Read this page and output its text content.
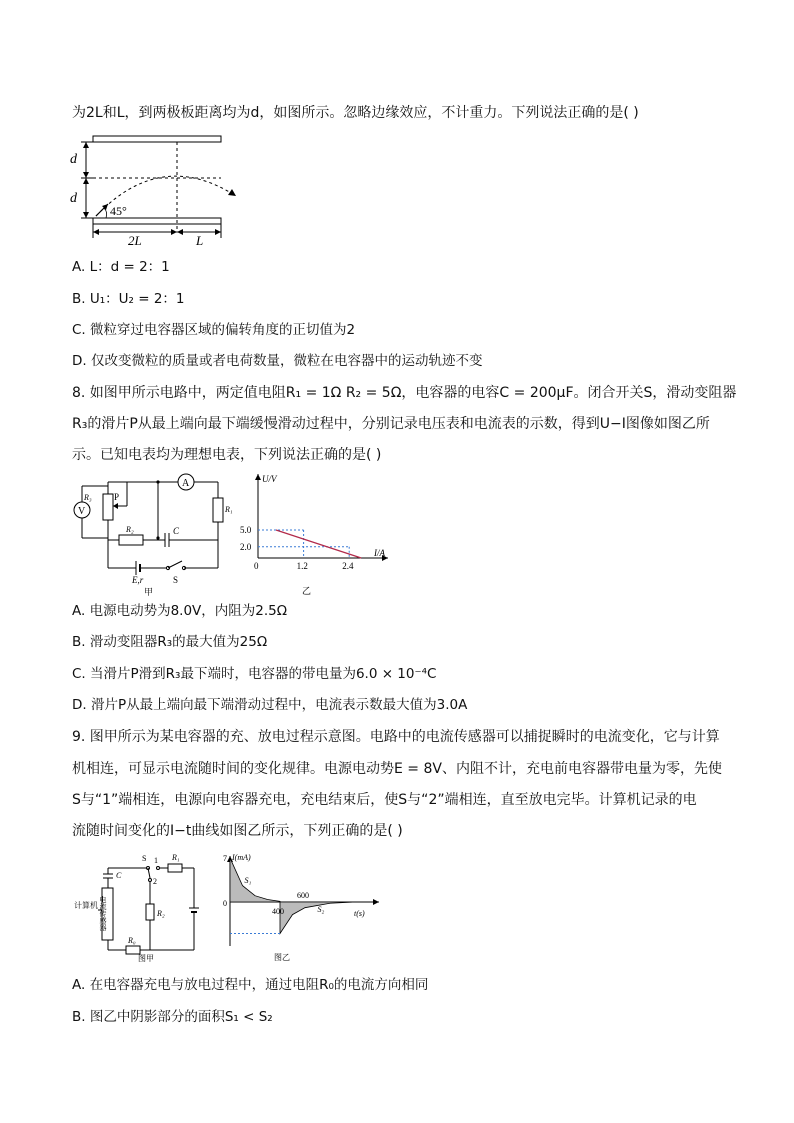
为2L和L，到两极板距离均为d，如图所示。忽略边缘效应，不计重力。下列说法正确的是( )
d
d
45°
2L	L
A. L：d = 2：1
B. U₁：U₂ = 2：1
C. 微粒穿过电容器区域的偏转角度的正切值为2
D. 仅改变微粒的质量或者电荷数量，微粒在电容器中的运动轨迹不变
8. 如图甲所示电路中，两定值电阻R₁ = 1Ω R₂ = 5Ω，电容器的电容C = 200μF。闭合开关S，滑动变阻器
R₃的滑片P从最上端向最下端缓慢滑动过程中，分别记录电压表和电流表的示数，得到U−I图像如图乙所
示。已知电表均为理想电表，下列说法正确的是( )
V
R₃ P
A
R₁
R₂	C
E,r	S
甲
U/V
I/A
0
5.0
2.0
1.2	2.4
乙
A. 电源电动势为8.0V，内阻为2.5Ω
B. 滑动变阻器R₃的最大值为25Ω
C. 当滑片P滑到R₃最下端时，电容器的带电量为6.0 × 10⁻⁴C
D. 滑片P从最上端向最下端滑动过程中，电流表示数最大值为3.0A
9. 图甲所示为某电容器的充、放电过程示意图。电路中的电流传感器可以捕捉瞬时的电流变化，它与计算
机相连，可显示电流随时间的变化规律。电源电动势E = 8V、内阻不计，充电前电容器带电量为零，先使
S与“1”端相连，电源向电容器充电，充电结束后，使S与“2”端相连，直至放电完毕。计算机记录的电
流随时间变化的I−t曲线如图乙所示，下列正确的是( )
计算机 电流传感器
C
S 1
2
R₁
R₂
R₀
图甲
I(mA)
7
0
400
600
t(s)
S₁
S₂
图乙
A. 在电容器充电与放电过程中，通过电阻R₀的电流方向相同
B. 图乙中阴影部分的面积S₁ < S₂
